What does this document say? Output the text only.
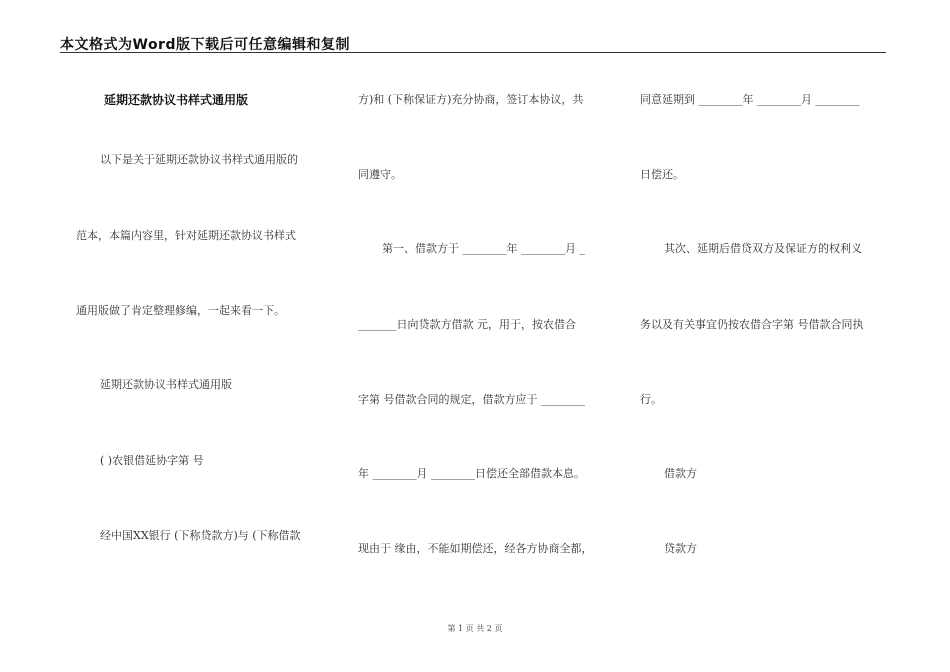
本文格式为Word版下载后可任意编辑和复制
延期还款协议书样式通用版
以下是关于延期还款协议书样式通用版的
范本，本篇内容里，针对延期还款协议书样式
通用版做了肯定整理修编，一起来看一下。
延期还款协议书样式通用版
( )农银借延协字第 号
经中国XX银行 (下称贷款方)与 (下称借款
方)和 (下称保证方)充分协商，签订本协议，共
同遵守。
第一、借款方于 ________年 ________月 _
_______日向贷款方借款 元，用于，按农借合
字第 号借款合同的规定，借款方应于 ________
年 ________月 ________日偿还全部借款本息。
现由于 缘由，不能如期偿还，经各方协商全都，
同意延期到 ________年 ________月 ________
日偿还。
其次、延期后借贷双方及保证方的权利义
务以及有关事宜仍按农借合字第 号借款合同执
行。
借款方
贷款方
第 1 页 共 2 页
